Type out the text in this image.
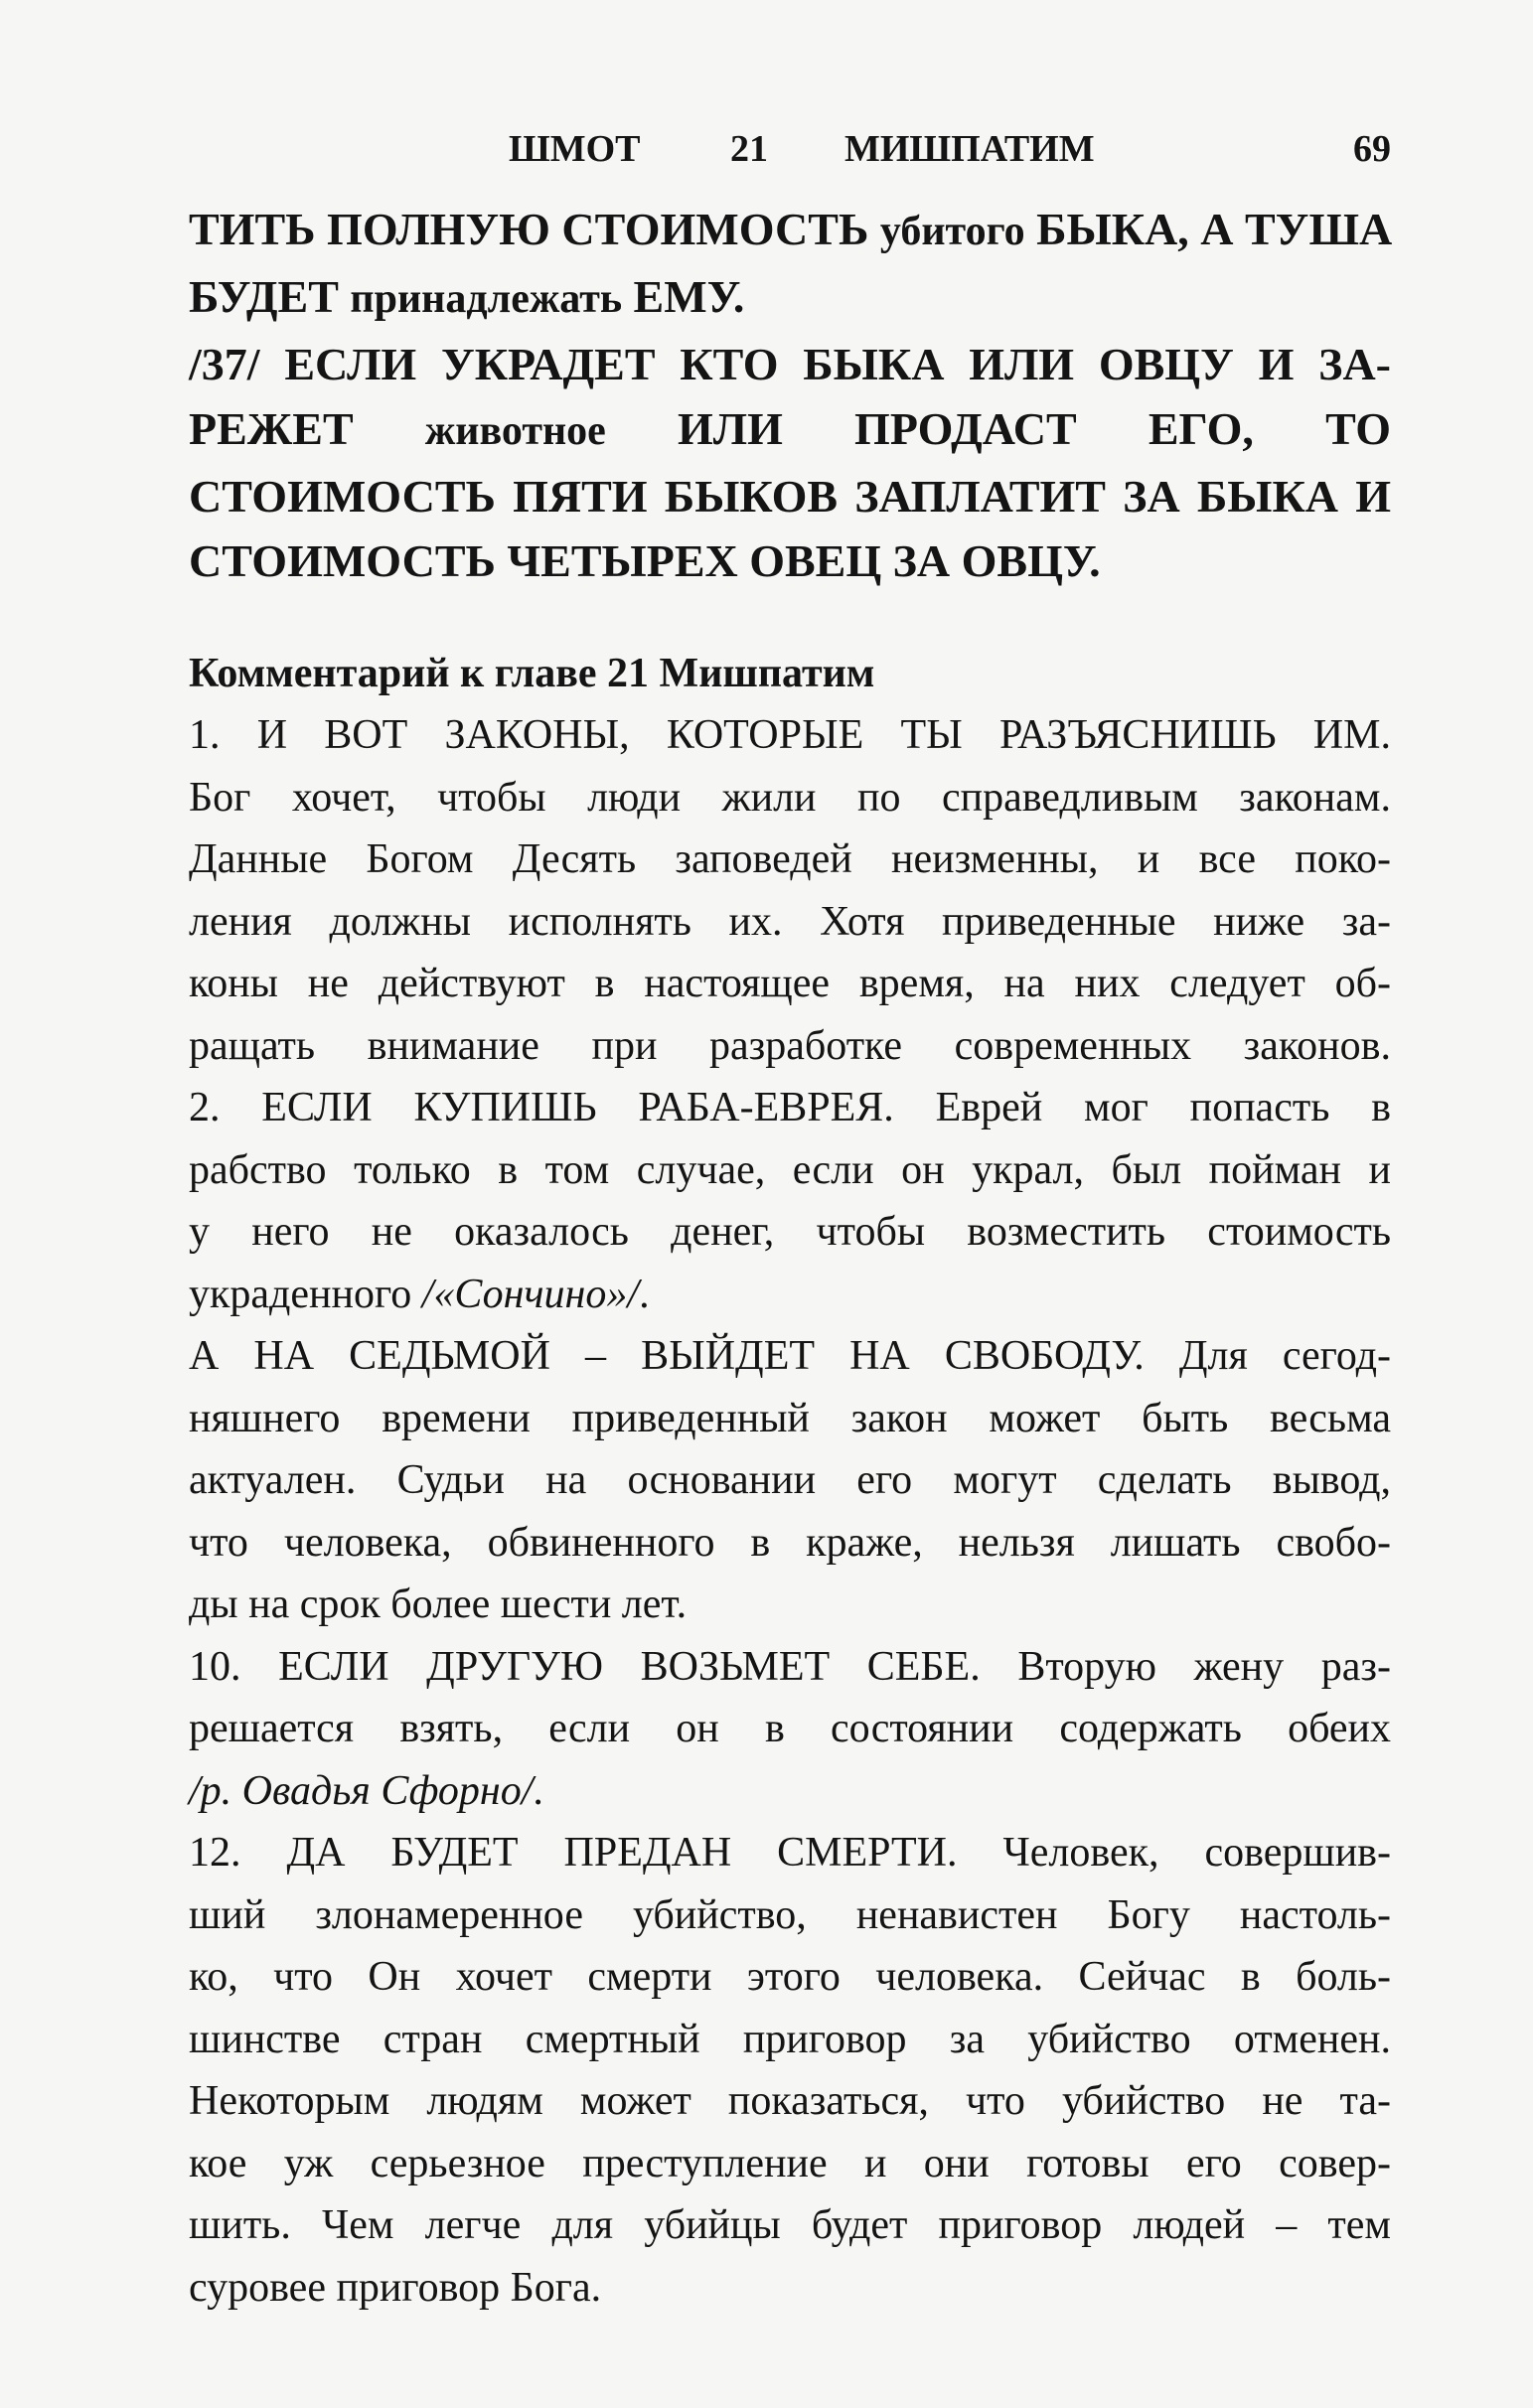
ШМОТ 21 МИШПАТИМ	69
ТИТЬ ПОЛНУЮ СТОИМОСТЬ убитого БЫКА, А ТУША
БУДЕТ принадлежать ЕМУ.
/37/ ЕСЛИ УКРАДЕТ КТО БЫКА ИЛИ ОВЦУ И ЗА-
РЕЖЕТ животное ИЛИ ПРОДАСТ ЕГО, ТО
СТОИМОСТЬ ПЯТИ БЫКОВ ЗАПЛАТИТ ЗА БЫКА И
СТОИМОСТЬ ЧЕТЫРЕХ ОВЕЦ ЗА ОВЦУ.
Комментарий к главе 21 Мишпатим
1. И ВОТ ЗАКОНЫ, КОТОРЫЕ ТЫ РАЗЪЯСНИШЬ ИМ.
Бог хочет, чтобы люди жили по справедливым законам.
Данные Богом Десять заповедей неизменны, и все поко-
ления должны исполнять их. Хотя приведенные ниже за-
коны не действуют в настоящее время, на них следует об-
ращать внимание при разработке современных законов.
2. ЕСЛИ КУПИШЬ РАБА-ЕВРЕЯ. Еврей мог попасть в
рабство только в том случае, если он украл, был пойман и
у него не оказалось денег, чтобы возместить стоимость
украденного /«Сончино»/.
А НА СЕДЬМОЙ – ВЫЙДЕТ НА СВОБОДУ. Для сегод-
няшнего времени приведенный закон может быть весьма
актуален. Судьи на основании его могут сделать вывод,
что человека, обвиненного в краже, нельзя лишать свобо-
ды на срок более шести лет.
10. ЕСЛИ ДРУГУЮ ВОЗЬМЕТ СЕБЕ. Вторую жену раз-
решается взять, если он в состоянии содержать обеих
/р. Овадья Сфорно/.
12. ДА БУДЕТ ПРЕДАН СМЕРТИ. Человек, совершив-
ший злонамеренное убийство, ненавистен Богу настоль-
ко, что Он хочет смерти этого человека. Сейчас в боль-
шинстве стран смертный приговор за убийство отменен.
Некоторым людям может показаться, что убийство не та-
кое уж серьезное преступление и они готовы его совер-
шить. Чем легче для убийцы будет приговор людей – тем
суровее приговор Бога.
